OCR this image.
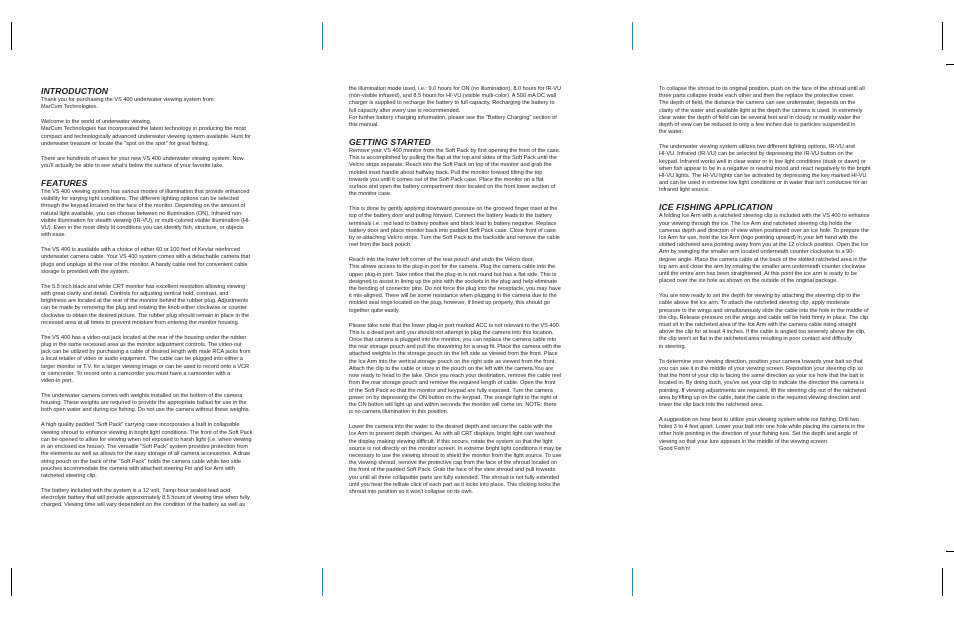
INTRODUCTION

Thank you for purchasing the VS 400 underwater viewing system from
MarCum Technologies.

Welcome to the world of underwater viewing.
MarCum Technologies has incorporated the latest technology in producing the most
compact and technologically advanced underwater viewing system available. Hunt for
underwater treasure or locate the "spot on the spot" for great fishing.

There are hundreds of uses for your new VS 400 underwater viewing system. Now
you'll actually be able to see what's below the surface of your favorite lake.

FEATURES

The VS 400 viewing system has various modes of illumination that provide enhanced
visibility for varying light conditions. The different lighting options can be selected
through the keypad located on the face of the monitor. Depending on the amount of
natural light available, you can choose between no illumination (ON), Infrared non-
visible illumination for stealth viewing (IR-VU), or multi-colored visible illumination (HI-
VU). Even in the most dimly lit conditions you can identify fish, structure, or objects
with ease.

The VS 400 is available with a choice of either 60 or 100 feet of Kevlar reinforced
underwater camera cable. Your VS 400 system comes with a detachable camera that
plugs and unplugs at the rear of the monitor. A handy cable reel for convenient cable
storage is provided with the system.

The 5.5 inch black and white CRT monitor has excellent resolution allowing viewing
with great clarity and detail. Controls for adjusting vertical hold, contrast, and
brightness are located at the rear of the monitor behind the rubber plug. Adjustments
can be made by removing the plug and rotating the knob either clockwise or counter
clockwise to obtain the desired picture. The rubber plug should remain in place in the
recessed area at all times to prevent moisture from entering the monitor housing.

The VS 400 has a video-out jack located at the rear of the housing under the rubber
plug in the same recessed area as the monitor adjustment controls. The video-out
jack can be utilized by purchasing a cable of desired length with male RCA jacks from
a local retailer of video or audio equipment. The cable can be plugged into either a
larger monitor or T.V. for a larger viewing image or can be used to record onto a VCR
or camcorder. To record onto a camcorder you must have a camcorder with a
video-in port.

The underwater camera comes with weights installed on the bottom of the camera
housing. These weights are required to provide the appropriate ballast for use in the
both open water and during ice fishing. Do not use the camera without these weights.

A high quality padded "Soft Pack" carrying case incorporates a built in collapsible
viewing shroud to enhance viewing in bright light conditions. The front of the Soft Pack
can be opened to allow for viewing when not exposed to harsh light (i.e. when viewing
in an enclosed ice house). The versatile "Soft Pack" system provides protection from
the elements as well as allows for the easy storage of all camera accessories. A draw
string pouch on the back of the "Soft Pack" holds the camera cable while two side
pouches accommodate the camera with attached steering Fin and Ice Arm with
ratcheted steering clip.

The battery included with the system is a 12 volt, 7amp hour sealed lead acid
electrolyte battery that will provide approximately 8.5 hours of viewing time when fully
charged. Viewing time will vary dependent on the condition of the battery as well as

the illumination mode used, i.e.: 9.0 hours for ON (no illumination), 8.0 hours for IR-VU
(non-visible infrared), and 8.5 hours for HI-VU (visible multi-color). A 500 mA DC wall
charger is supplied to recharge the battery to full capacity. Recharging the battery to
full capacity after every use is recommended.
For further battery charging information, please see the "Battery Charging" section of
this manual.

GETTING STARTED

Remove your VS 400 monitor from the Soft Pack by first opening the front of the case.
This is accomplished by pulling the flap at the top and sides of the Soft Pack until the
Velcro strips separate. Reach into the Soft Pack on top of the monitor and grab the
molded inset handle about halfway back. Pull the monitor forward tilting the top
towards you until it comes out of the Soft Pack case. Place the monitor on a flat
surface and open the battery compartment door located on the front lower section of
the monitor case.

This is done by gently applying downward pressure on the grooved finger inset at the
top of the battery door and pulling forward. Connect the battery leads to the battery
terminals i.e.: red lead to battery positive and black lead to battery negative. Replace
battery door and place monitor back into padded Soft Pack case. Close front of case
by re-attaching Velcro strips. Turn the Soft Pack to the backside and remove the cable
reel from the back pouch.

Reach into the lower left corner of the rear pouch and undo the Velcro door.
This allows access to the plug-in port for the camera. Plug the camera cable into the
upper plug-in port. Take notice that the plug-in is not round but has a flat side. This is
designed to assist in lining up the pins with the sockets in the plug and help eliminate
the bending of connector pins. Do not force the plug into the receptacle, you may have
it mis-aligned. There will be some resistance when plugging in the camera due to the
molded seal rings located on the plug, however, if lined up properly, this should go
together quite easily.

Please take note that the lower plug-in port marked ACC is not relevant to the VS 400.
This is a dead port and you should not attempt to plug the camera into this location.
Once that camera is plugged into the monitor, you can replace the camera cable into
the rear storage pouch and pull the drawstring for a snug fit. Place the camera with the
attached weights in the storage pouch on the left side as viewed from the front. Place
the Ice Arm into the vertical storage pouch on the right side as viewed from the front.
Attach the clip to the cable or store in the pouch on the left with the camera.You are
now ready to head to the lake. Once you reach your destination, remove the cable reel
from the rear storage pouch and remove the required length of cable. Open the front
of the Soft Pack so that the monitor and keypad are fully exposed. Turn the camera
power on by depressing the ON button on the keypad. The orange light to the right of
the ON button will light up and within seconds the monitor will come on. NOTE: there
is no camera illumination in this position.

Lower the camera into the water to the desired depth and secure the cable with the
Ice Arm to prevent depth changes. As with all CRT displays, bright light can washout
the display making viewing difficult. If this occurs, rotate the system so that the light
source is not directly on the monitor screen. In extreme bright light conditions it may be
necessary to use the viewing shroud to shield the monitor from the light source. To use
the viewing shroud, remove the protective cap from the face of the shroud located on
the front of the padded Soft Pack. Grab the face of the view shroud and pull towards
you until all three collapsible parts are fully extended. The shroud is not fully extended
until you hear the telltale click of each part as it locks into place. This clicking locks the
shroud into position so it won't collapse on its own.

To collapse the shroud to its original position, push on the face of the shroud until all
three parts collapse inside each other and then the replace the protective cover.
The depth of field, the distance the camera can see underwater, depends on the
clarity of the water and available light at the depth the camera is used. In extremely
clear water the depth of field can be several feet and in cloudy or muddy water the
depth of view can be reduced to only a few inches due to particles suspended in
the water.

The underwater viewing system utilizes two different lighting options, IR-VU and
HI-VU. Infrared (IR-VU) can be selected by depressing the IR-VU button on the
keypad. Infrared works well in clear water or in low light conditions (dusk or dawn) or
when fish appear to be in a negative or neutral mood and react negatively to the bright
HI-VU lights. The HI-VU lights can be activated by depressing the key marked HI-VU
and can be used in extreme low light conditions or in water that isn't conducive for an
Infrared light source.

ICE FISHING APPLICATION

A folding Ice Arm with a ratcheted steering clip is included with the VS 400 to enhance
your viewing through the ice. The Ice Arm and ratcheted steering clip holds the
cameras depth and direction of view when positioned over an ice hole. To prepare the
Ice Arm for use, hold the Ice Arm (logo pointing upward) in your left hand with the
slotted ratcheted area pointing away from you at the 12 o'clock position. Open the Ice
Arm by swinging the smaller arm located underneath counter clockwise to a 90-
degree angle. Place the camera cable at the back of the slotted ratcheted area in the
top arm and close the arm by rotating the smaller arm underneath counter clockwise
until the entire arm has been straightened. At this point the ice arm is ready to be
placed over the ice hole as shown on the outside of the original package.

You are now ready to set the depth for viewing by attaching the steering clip to the
cable above the ice arm. To attach the ratcheted steering clip, apply moderate
pressure to the wings and simultaneously slide the cable into the hole in the middle of
the clip. Release pressure on the wings and cable will be held firmly in place. The clip
must sit in the ratcheted area of the Ice Arm with the camera cable rising straight
above the clip for at least 4 inches. If the cable is angled too severely above the clip,
the clip won't sit flat in the ratcheted area resulting in poor contact and difficulty
in steering.

To determine your viewing direction, position your camera towards your bait so that
you can see it in the middle of your viewing screen. Reposition your steering clip so
that the front of your clip is facing the same direction as your ice hole that the bait is
located in. By doing such, you've set your clip to indicate the direction the camera is
pointing. If viewing adjustments are required, lift the steering clip out of the ratcheted
area by lifting up on the cable, twist the cable in the required viewing direction and
lower the clip back into the ratcheted area.

A suggestion on how best to utilize your viewing system while ice fishing. Drill two
holes 3 to 4 feet apart. Lower your bait into one hole while placing the camera in the
other hole pointing in the direction of your fishing lure. Set the depth and angle of
viewing so that your lure appears in the middle of the viewing screen.
Good Fish'n!
